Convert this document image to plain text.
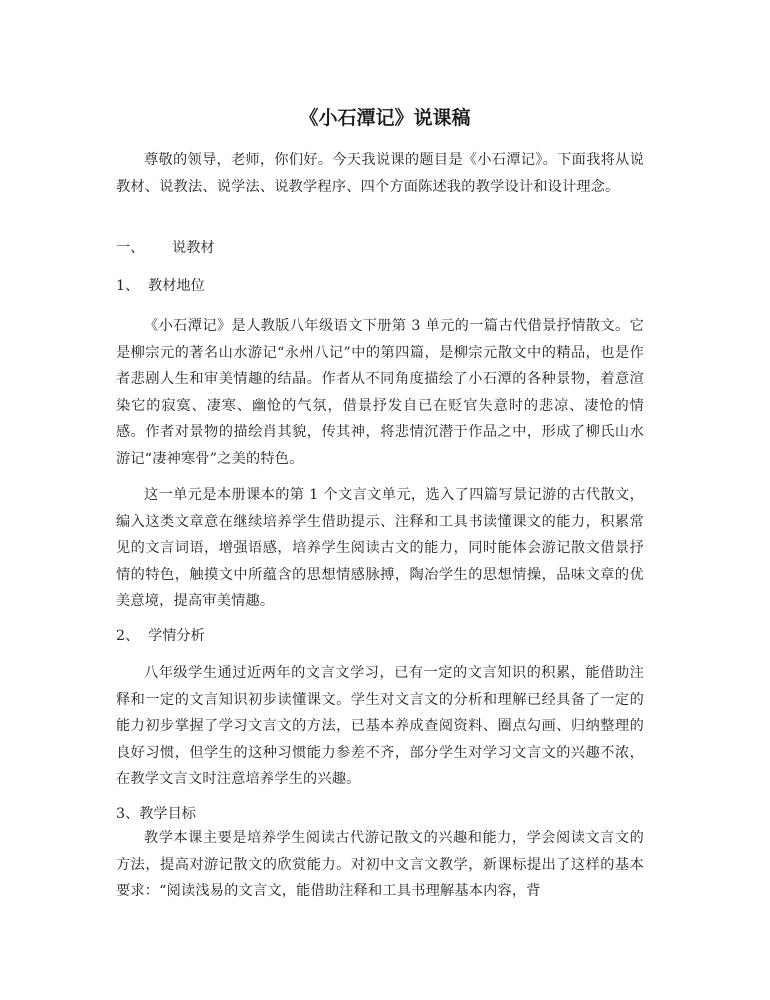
《小石潭记》说课稿
尊敬的领导，老师，你们好。今天我说课的题目是《小石潭记》。下面我将从说教材、说教法、说学法、说教学程序、四个方面陈述我的教学设计和设计理念。
一、 说教材
1、 教材地位
《小石潭记》是人教版八年级语文下册第 3 单元的一篇古代借景抒情散文。它是柳宗元的著名山水游记“永州八记”中的第四篇，是柳宗元散文中的精品，也是作者悲剧人生和审美情趣的结晶。作者从不同角度描绘了小石潭的各种景物，着意渲染它的寂寞、凄寒、幽怆的气氛，借景抒发自已在贬官失意时的悲凉、凄怆的情感。作者对景物的描绘肖其貌，传其神，将悲情沉潜于作品之中，形成了柳氏山水游记“凄神寒骨”之美的特色。
这一单元是本册课本的第 1 个文言文单元，选入了四篇写景记游的古代散文，编入这类文章意在继续培养学生借助提示、注释和工具书读懂课文的能力，积累常见的文言词语，增强语感，培养学生阅读古文的能力，同时能体会游记散文借景抒情的特色，触摸文中所蕴含的思想情感脉搏，陶冶学生的思想情操，品味文章的优美意境，提高审美情趣。
2、 学情分析
八年级学生通过近两年的文言文学习，已有一定的文言知识的积累，能借助注释和一定的文言知识初步读懂课文。学生对文言文的分析和理解已经具备了一定的能力初步掌握了学习文言文的方法，已基本养成查阅资料、圈点勾画、归纳整理的良好习惯，但学生的这种习惯能力参差不齐，部分学生对学习文言文的兴趣不浓，在教学文言文时注意培养学生的兴趣。
3、教学目标
教学本课主要是培养学生阅读古代游记散文的兴趣和能力，学会阅读文言文的方法，提高对游记散文的欣赏能力。对初中文言文教学，新课标提出了这样的基本要求：“阅读浅易的文言文，能借助注释和工具书理解基本内容，背
